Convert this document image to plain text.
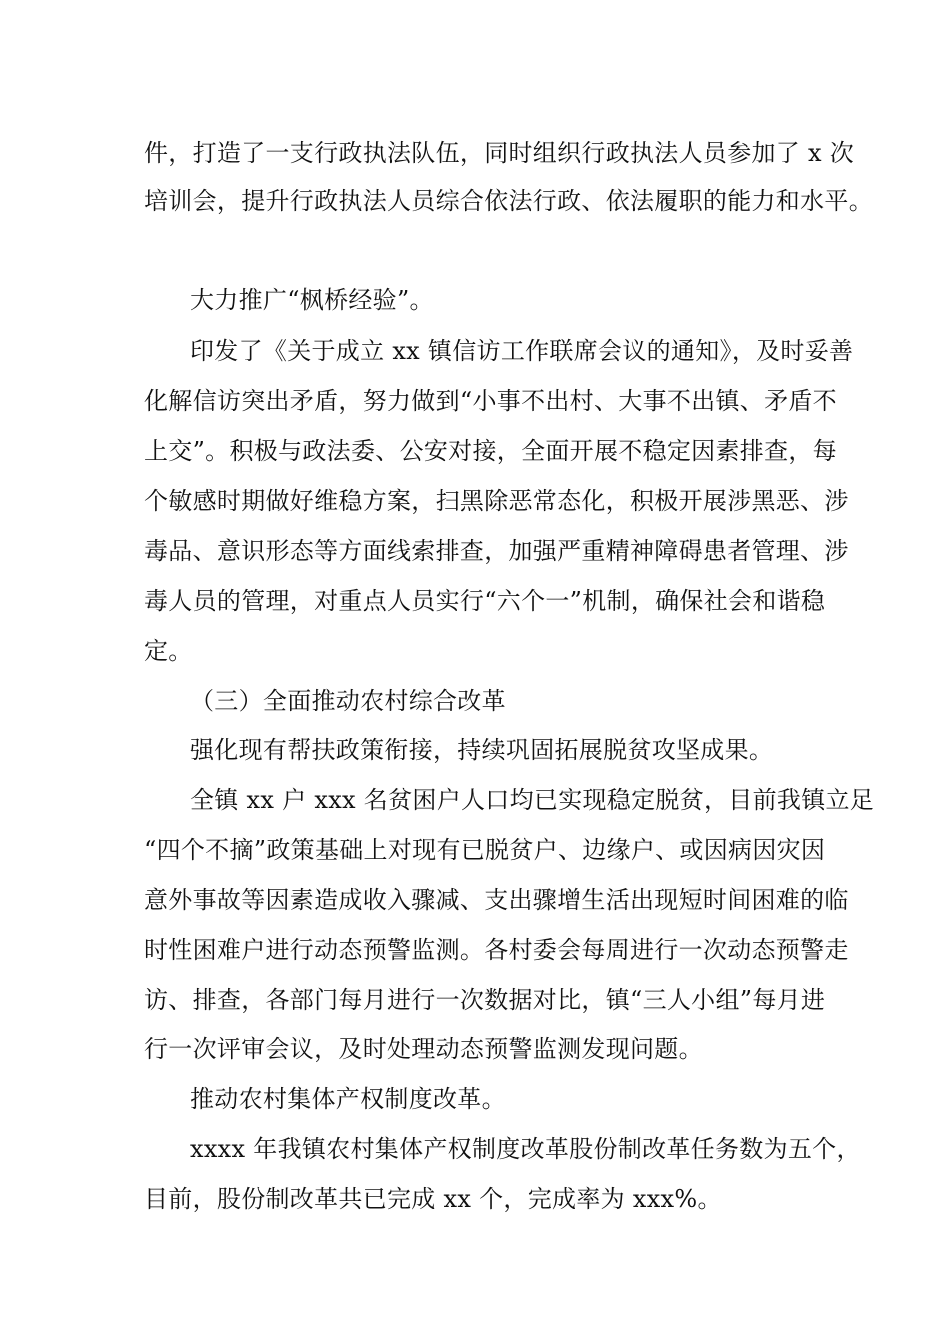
件，打造了一支行政执法队伍，同时组织行政执法人员参加了 x 次
培训会，提升行政执法人员综合依法行政、依法履职的能力和水平。
大力推广“枫桥经验”。
印发了《关于成立 xx 镇信访工作联席会议的通知》，及时妥善
化解信访突出矛盾，努力做到“小事不出村、大事不出镇、矛盾不
上交”。积极与政法委、公安对接，全面开展不稳定因素排查，每
个敏感时期做好维稳方案，扫黑除恶常态化，积极开展涉黑恶、涉
毒品、意识形态等方面线索排查，加强严重精神障碍患者管理、涉
毒人员的管理，对重点人员实行“六个一”机制，确保社会和谐稳
定。
（三）全面推动农村综合改革
强化现有帮扶政策衔接，持续巩固拓展脱贫攻坚成果。
全镇 xx 户 xxx 名贫困户人口均已实现稳定脱贫，目前我镇立足
“四个不摘”政策基础上对现有已脱贫户、边缘户、或因病因灾因
意外事故等因素造成收入骤减、支出骤增生活出现短时间困难的临
时性困难户进行动态预警监测。各村委会每周进行一次动态预警走
访、排查，各部门每月进行一次数据对比，镇“三人小组”每月进
行一次评审会议，及时处理动态预警监测发现问题。
推动农村集体产权制度改革。
xxxx 年我镇农村集体产权制度改革股份制改革任务数为五个，
目前，股份制改革共已完成 xx 个，完成率为 xxx%。
